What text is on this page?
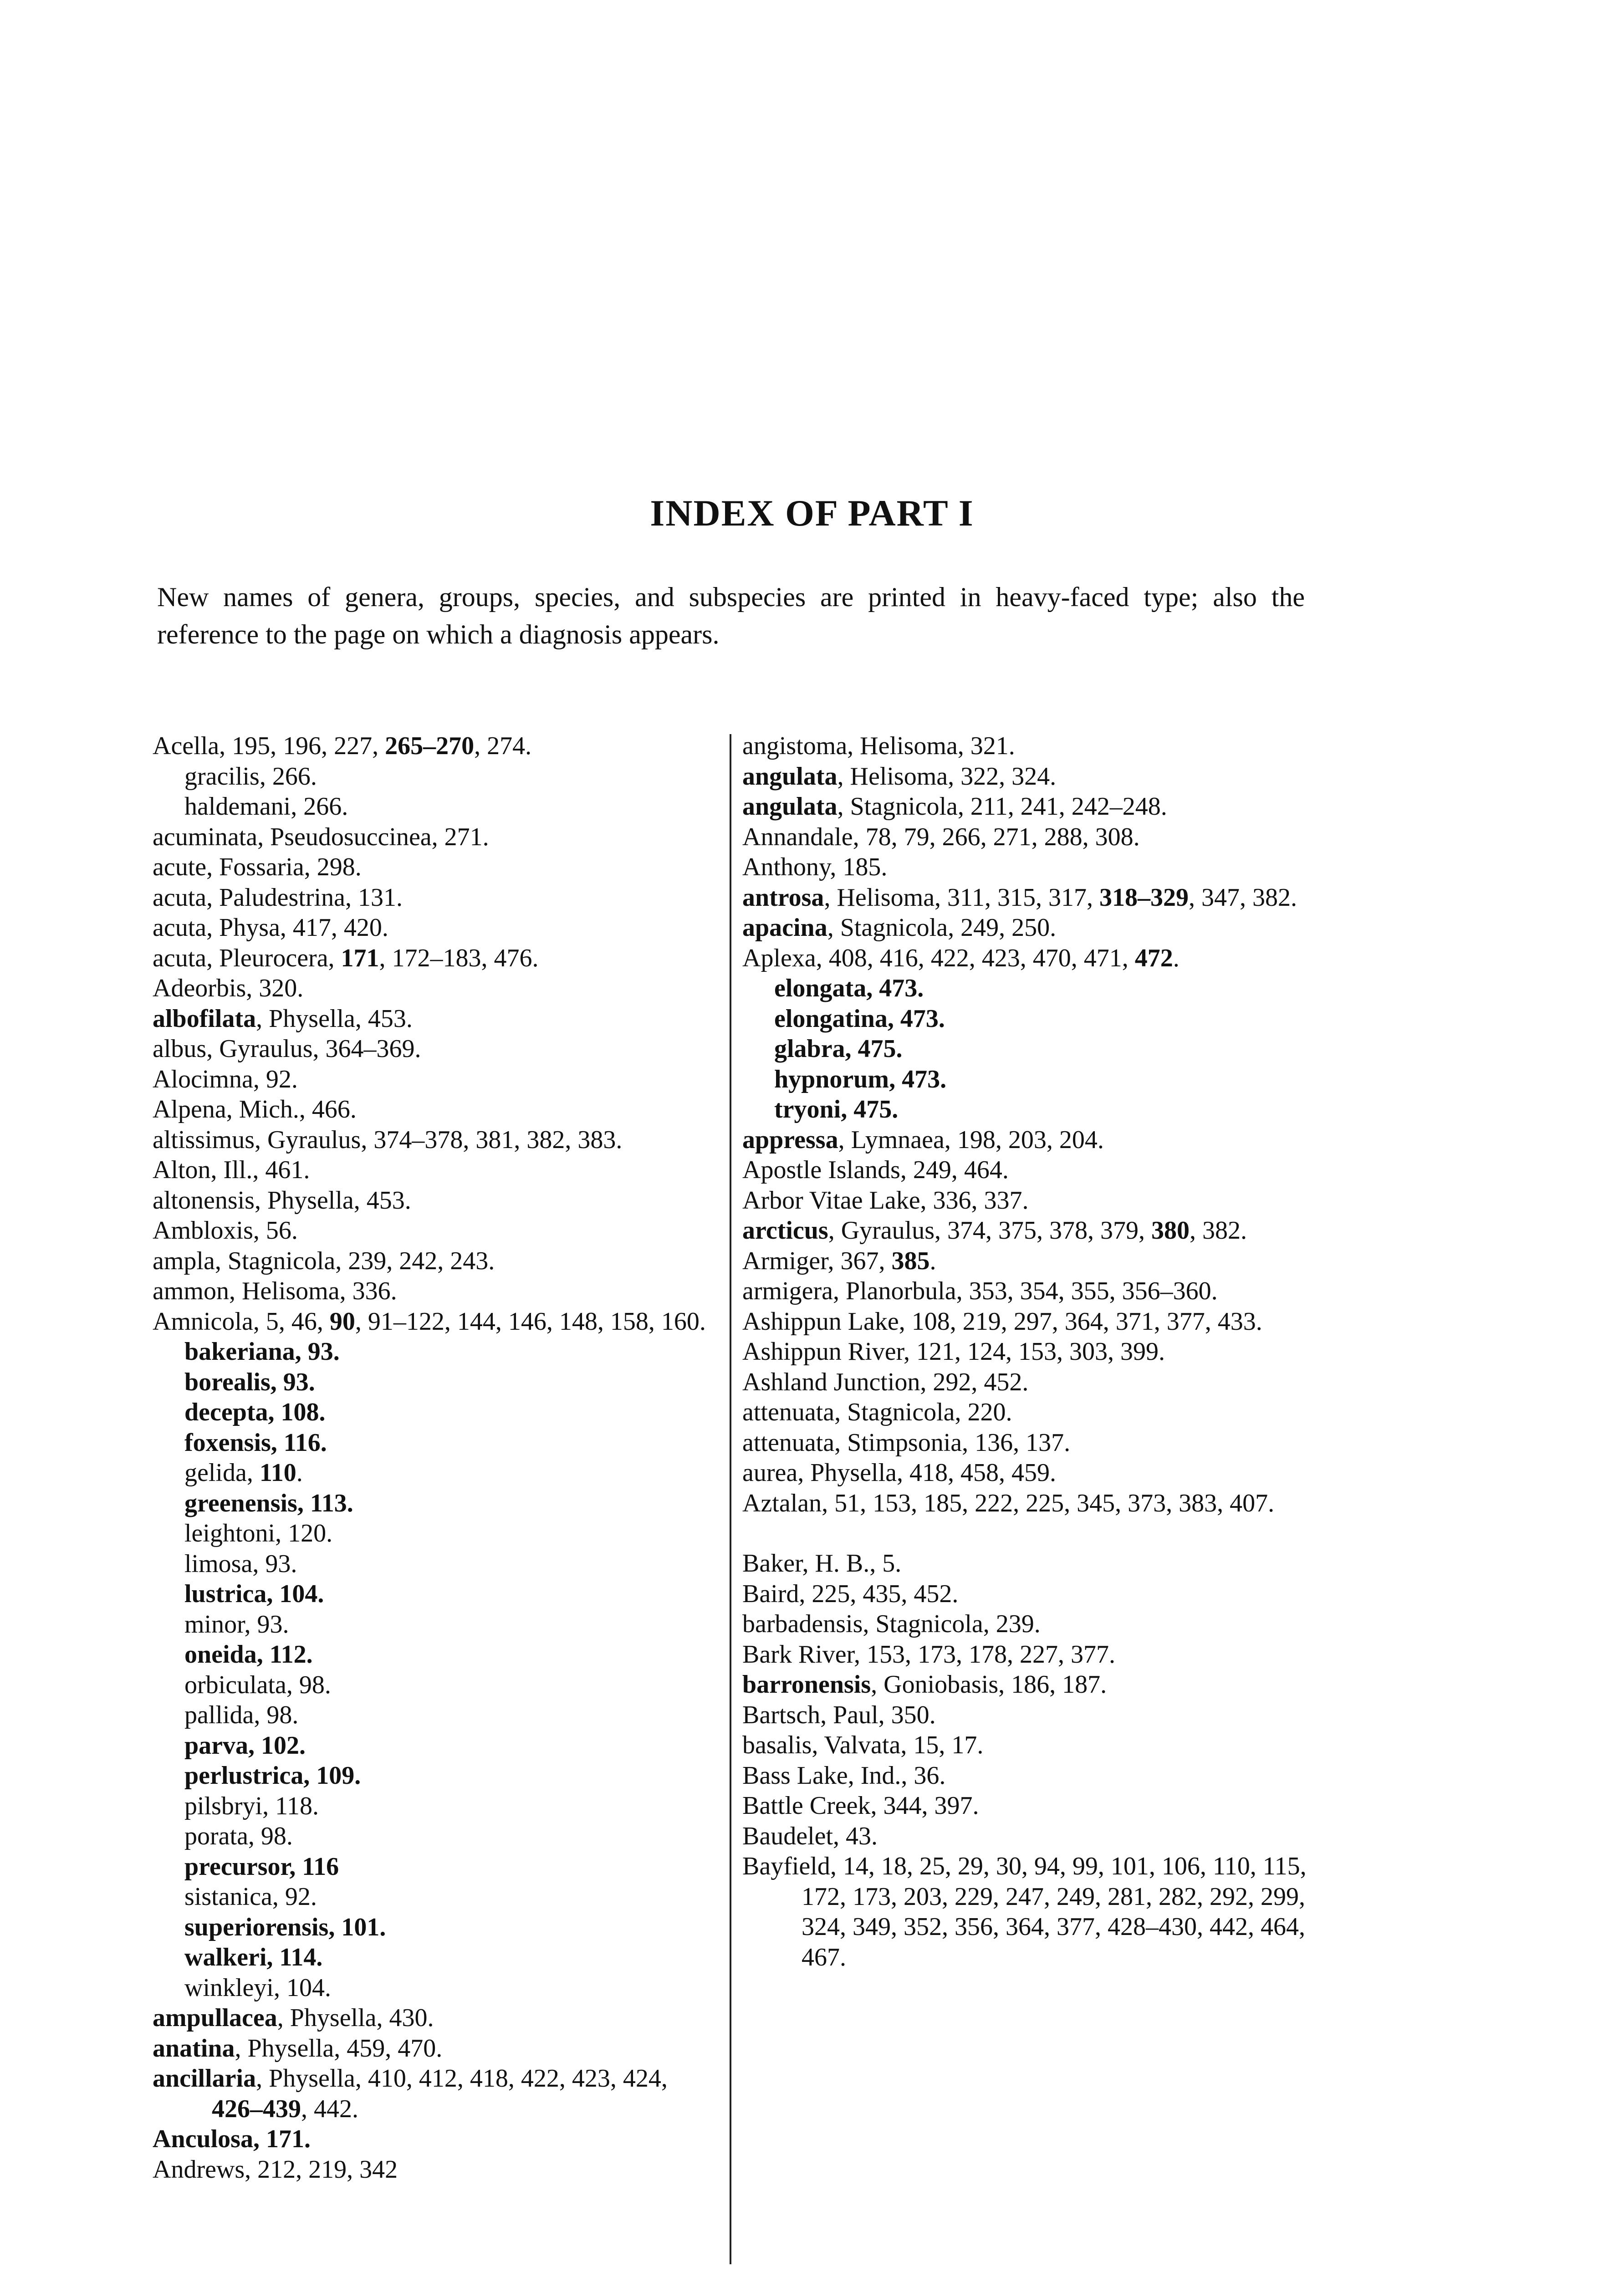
INDEX OF PART I

New names of genera, groups, species, and subspecies are printed in heavy-faced type; also the reference to the page on which a diagnosis appears.

Acella, 195, 196, 227, 265–270, 274.
gracilis, 266.
haldemani, 266.
acuminata, Pseudosuccinea, 271.
acute, Fossaria, 298.
acuta, Paludestrina, 131.
acuta, Physa, 417, 420.
acuta, Pleurocera, 171, 172–183, 476.
Adeorbis, 320.
albofilata, Physella, 453.
albus, Gyraulus, 364–369.
Alocimna, 92.
Alpena, Mich., 466.
altissimus, Gyraulus, 374–378, 381, 382, 383.
Alton, Ill., 461.
altonensis, Physella, 453.
Ambloxis, 56.
ampla, Stagnicola, 239, 242, 243.
ammon, Helisoma, 336.
Amnicola, 5, 46, 90, 91–122, 144, 146, 148, 158, 160.
bakeriana, 93.
borealis, 93.
decepta, 108.
foxensis, 116.
gelida, 110.
greenensis, 113.
leightoni, 120.
limosa, 93.
lustrica, 104.
minor, 93.
oneida, 112.
orbiculata, 98.
pallida, 98.
parva, 102.
perlustrica, 109.
pilsbryi, 118.
porata, 98.
precursor, 116
sistanica, 92.
superiorensis, 101.
walkeri, 114.
winkleyi, 104.
ampullacea, Physella, 430.
anatina, Physella, 459, 470.
ancillaria, Physella, 410, 412, 418, 422, 423, 424, 426–439, 442.
Anculosa, 171.
Andrews, 212, 219, 342
angistoma, Helisoma, 321.
angulata, Helisoma, 322, 324.
angulata, Stagnicola, 211, 241, 242–248.
Annandale, 78, 79, 266, 271, 288, 308.
Anthony, 185.
antrosa, Helisoma, 311, 315, 317, 318–329, 347, 382.
apacina, Stagnicola, 249, 250.
Aplexa, 408, 416, 422, 423, 470, 471, 472.
elongata, 473.
elongatina, 473.
glabra, 475.
hypnorum, 473.
tryoni, 475.
appressa, Lymnaea, 198, 203, 204.
Apostle Islands, 249, 464.
Arbor Vitae Lake, 336, 337.
arcticus, Gyraulus, 374, 375, 378, 379, 380, 382.
Armiger, 367, 385.
armigera, Planorbula, 353, 354, 355, 356–360.
Ashippun Lake, 108, 219, 297, 364, 371, 377, 433.
Ashippun River, 121, 124, 153, 303, 399.
Ashland Junction, 292, 452.
attenuata, Stagnicola, 220.
attenuata, Stimpsonia, 136, 137.
aurea, Physella, 418, 458, 459.
Aztalan, 51, 153, 185, 222, 225, 345, 373, 383, 407.
Baker, H. B., 5.
Baird, 225, 435, 452.
barbadensis, Stagnicola, 239.
Bark River, 153, 173, 178, 227, 377.
barronensis, Goniobasis, 186, 187.
Bartsch, Paul, 350.
basalis, Valvata, 15, 17.
Bass Lake, Ind., 36.
Battle Creek, 344, 397.
Baudelet, 43.
Bayfield, 14, 18, 25, 29, 30, 94, 99, 101, 106, 110, 115, 172, 173, 203, 229, 247, 249, 281, 282, 292, 299, 324, 349, 352, 356, 364, 377, 428–430, 442, 464, 467.
